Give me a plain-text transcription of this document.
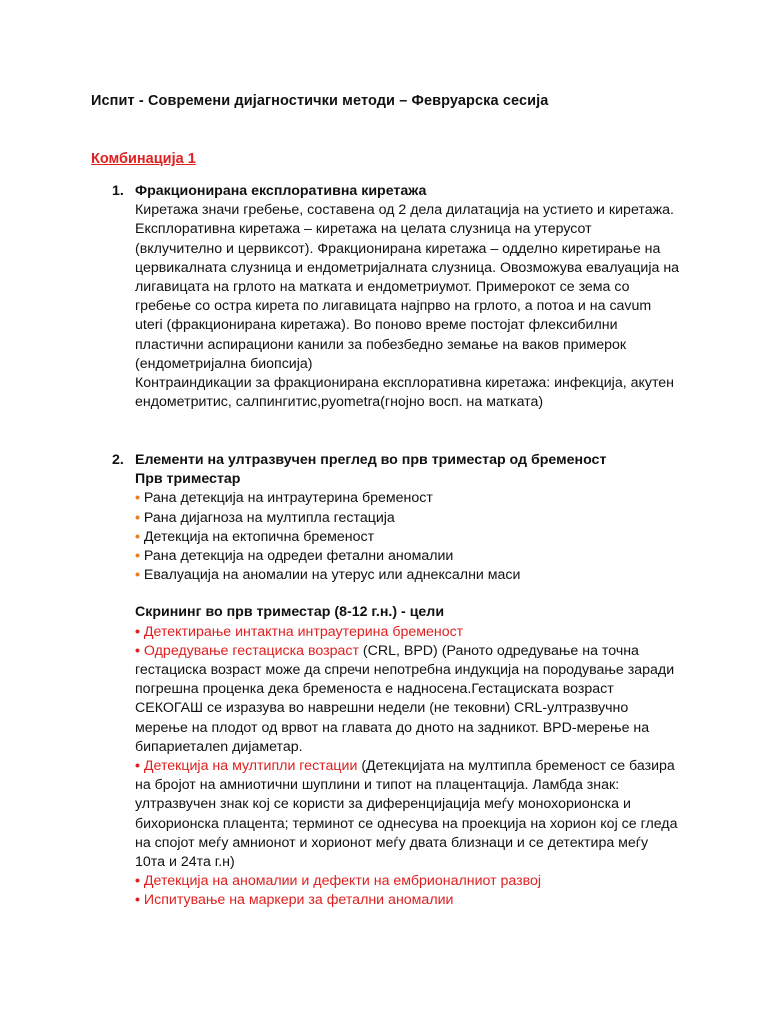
Испит - Современи дијагностички методи – Февруарска сесија
Комбинација 1
1. Фракционирана експлоративна киретажа

Киретажа значи гребење, составена од 2 дела дилатација на устието и киретажа.

Експлоративна киретажа – киретажа на целата слузница на утерусот (вклучително и цервиксот). Фракционирана киретажа – одделно киретирање на цервикалната слузница и ендометријалната слузница. Овозможува евалуација на лигавицата на грлото на матката и ендометриумот. Примерокот се зема со гребење со остра кирета по лигавицата најпрво на грлото, а потоа и на cavum uteri (фракционирана киретажа). Во поново време постојат флексибилни пластични аспирациони канили за побезбедно земање на ваков примерок (ендометријална биопсија)

Контраиндикации за фракционирана експлоративна киретажа: инфекција, акутен ендометритис, салпингитис,pyometra(гнојно восп. на матката)

2. Елементи на ултразвучен преглед во прв триместар од бременост
Прв триместар
• Рана детекција на интраутерина бременост
• Рана дијагноза на мултипла гестација
• Детекција на ектопична бременост
• Рана детекција на одредеи фетални аномалии
• Евалуација на аномалии на утерус или аднексални маси
Скрининг во прв триместар (8-12 г.н.) - цели
• Детектирање интактна интраутерина бременост
• Одредување гестациска возраст (CRL, BPD) (Раното одредување на точна гестациска возраст може да спречи непотребна индукција на породување заради погрешна проценка дека бременоста е надносена.Гестациската возраст СЕКОГАШ се изразува во наврешни недели (не тековни) CRL-ултразвучно мерење на плодот од врвот на главата до дното на задникот. BPD-мерење на бипариеталеn дијаметар.
• Детекција на мултипли гестации (Детекцијата на мултипла бременост се базира на бројот на амниотични шуплини и типот на плацентација. Ламбда знак: ултразвучен знак кој се користи за диференцијација меѓу монохорионска и бихорионска плацента; терминот се однесува на проекција на хорион кој се гледа на спојот меѓу амнионот и хорионот меѓу двата близнаци и се детектира меѓу 10та и 24та г.н)
• Детекција на аномалии и дефекти на ембрионалниот развој
• Испитување на маркери за фетални аномалии
